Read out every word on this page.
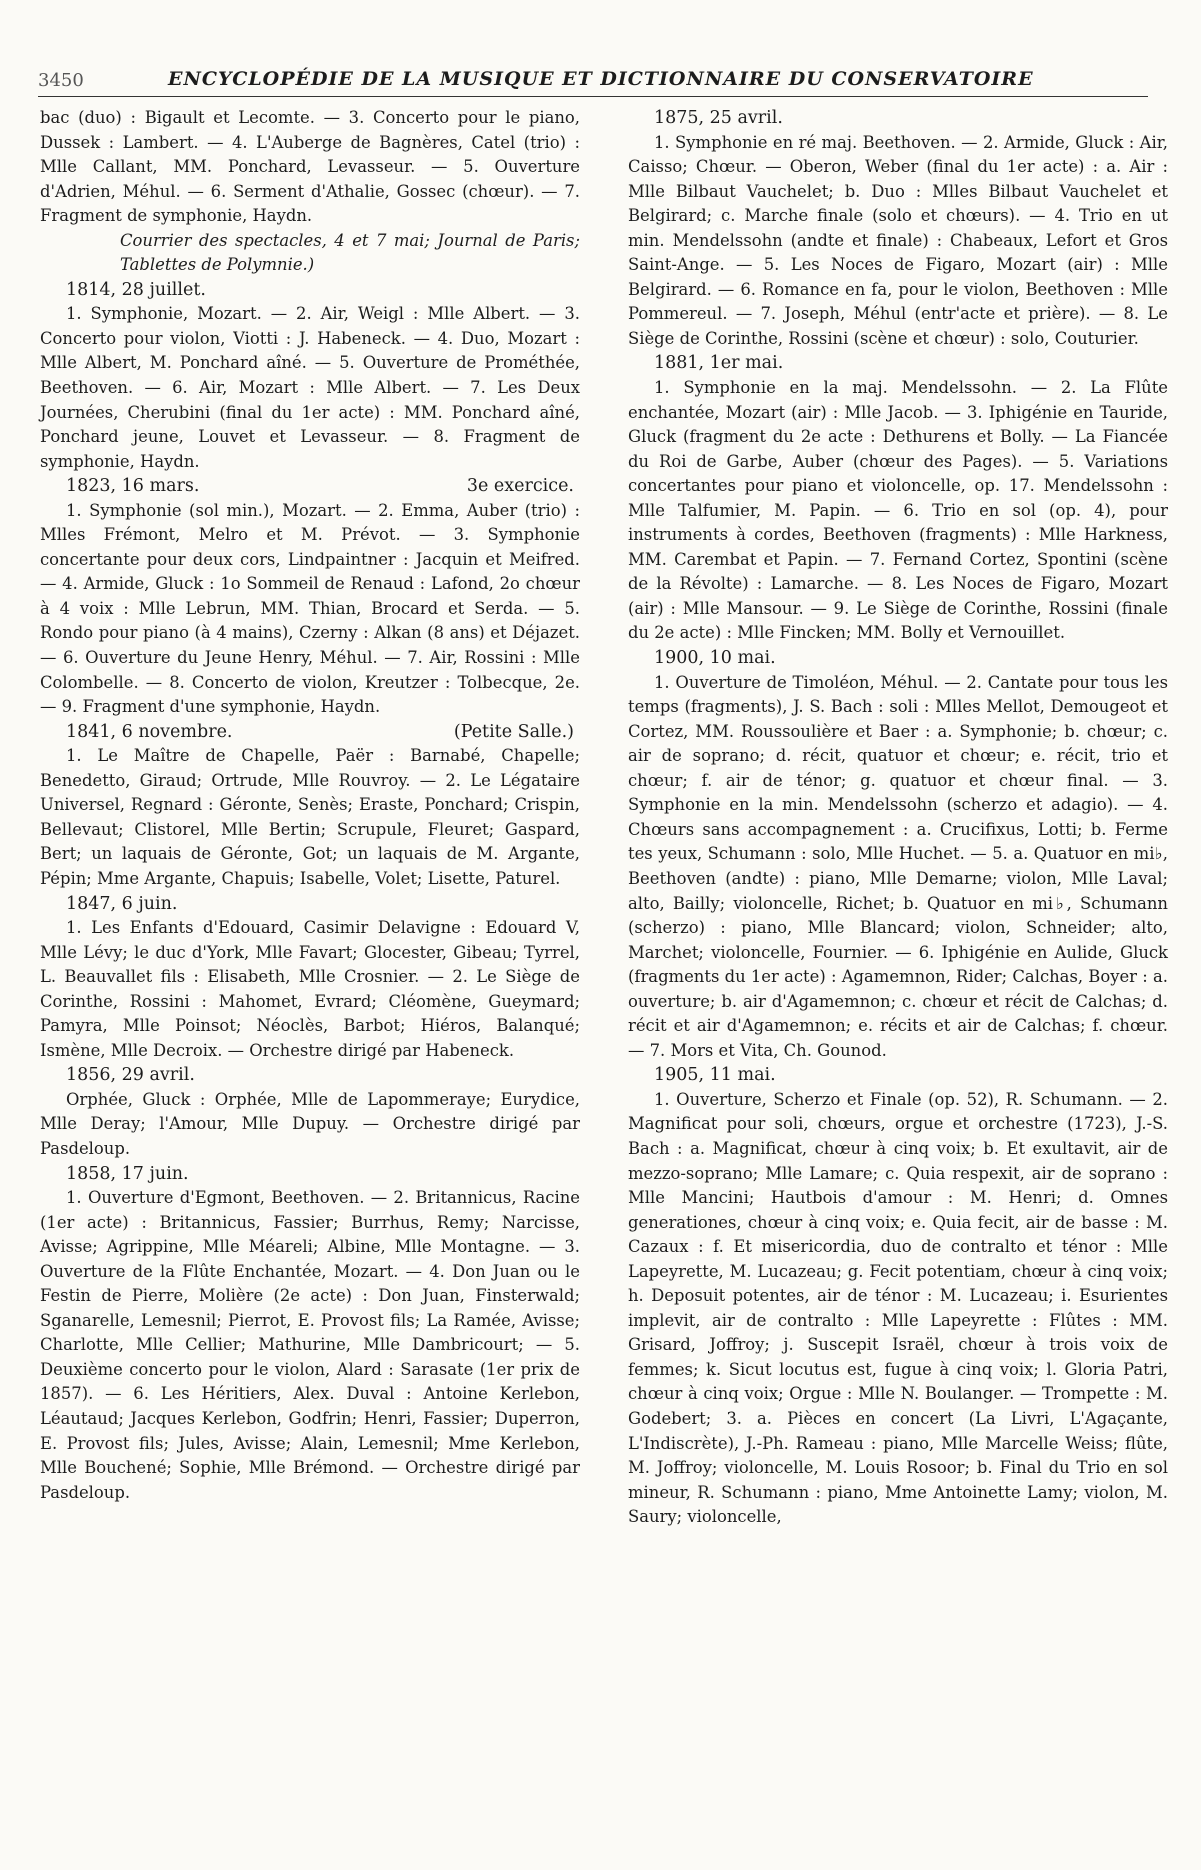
3450	ENCYCLOPÉDIE DE LA MUSIQUE ET DICTIONNAIRE DU CONSERVATOIRE

bac (duo) : Bigault et Lecomte. — 3. Concerto pour le piano, Dussek : Lambert. — 4. L'Auberge de Bagnères, Catel (trio) : Mlle Callant, MM. Ponchard, Levasseur. — 5. Ouverture d'Adrien, Méhul. — 6. Serment d'Athalie, Gossec (chœur). — 7. Fragment de symphonie, Haydn.

Courrier des spectacles, 4 et 7 mai; Journal de Paris; Tablettes de Polymnie.)

1814, 28 juillet.

1. Symphonie, Mozart. — 2. Air, Weigl : Mlle Albert. — 3. Concerto pour violon, Viotti : J. Habeneck. — 4. Duo, Mozart : Mlle Albert, M. Ponchard aîné. — 5. Ouverture de Prométhée, Beethoven. — 6. Air, Mozart : Mlle Albert. — 7. Les Deux Journées, Cherubini (final du 1er acte) : MM. Ponchard aîné, Ponchard jeune, Louvet et Levasseur. — 8. Fragment de symphonie, Haydn.

1823, 16 mars.	3e exercice.

1. Symphonie (sol min.), Mozart. — 2. Emma, Auber (trio) : Mlles Frémont, Melro et M. Prévot. — 3. Symphonie concertante pour deux cors, Lindpaintner : Jacquin et Meifred. — 4. Armide, Gluck : 1o Sommeil de Renaud : Lafond, 2o chœur à 4 voix : Mlle Lebrun, MM. Thian, Brocard et Serda. — 5. Rondo pour piano (à 4 mains), Czerny : Alkan (8 ans) et Déjazet. — 6. Ouverture du Jeune Henry, Méhul. — 7. Air, Rossini : Mlle Colombelle. — 8. Concerto de violon, Kreutzer : Tolbecque, 2e. — 9. Fragment d'une symphonie, Haydn.

1841, 6 novembre.	(Petite Salle.)

1. Le Maître de Chapelle, Paër : Barnabé, Chapelle; Benedetto, Giraud; Ortrude, Mlle Rouvroy. — 2. Le Légataire Universel, Regnard : Géronte, Senès; Eraste, Ponchard; Crispin, Bellevaut; Clistorel, Mlle Bertin; Scrupule, Fleuret; Gaspard, Bert; un laquais de Géronte, Got; un laquais de M. Argante, Pépin; Mme Argante, Chapuis; Isabelle, Volet; Lisette, Paturel.

1847, 6 juin.

1. Les Enfants d'Edouard, Casimir Delavigne : Edouard V, Mlle Lévy; le duc d'York, Mlle Favart; Glocester, Gibeau; Tyrrel, L. Beauvallet fils : Elisabeth, Mlle Crosnier. — 2. Le Siège de Corinthe, Rossini : Mahomet, Evrard; Cléomène, Gueymard; Pamyra, Mlle Poinsot; Néoclès, Barbot; Hiéros, Balanqué; Ismène, Mlle Decroix. — Orchestre dirigé par Habeneck.

1856, 29 avril.

Orphée, Gluck : Orphée, Mlle de Lapommeraye; Eurydice, Mlle Deray; l'Amour, Mlle Dupuy. — Orchestre dirigé par Pasdeloup.

1858, 17 juin.

1. Ouverture d'Egmont, Beethoven. — 2. Britannicus, Racine (1er acte) : Britannicus, Fassier; Burrhus, Remy; Narcisse, Avisse; Agrippine, Mlle Méareli; Albine, Mlle Montagne. — 3. Ouverture de la Flûte Enchantée, Mozart. — 4. Don Juan ou le Festin de Pierre, Molière (2e acte) : Don Juan, Finsterwald; Sganarelle, Lemesnil; Pierrot, E. Provost fils; La Ramée, Avisse; Charlotte, Mlle Cellier; Mathurine, Mlle Dambricourt; — 5. Deuxième concerto pour le violon, Alard : Sarasate (1er prix de 1857). — 6. Les Héritiers, Alex. Duval : Antoine Kerlebon, Léautaud; Jacques Kerlebon, Godfrin; Henri, Fassier; Duperron, E. Provost fils; Jules, Avisse; Alain, Lemesnil; Mme Kerlebon, Mlle Bouchené; Sophie, Mlle Brémond. — Orchestre dirigé par Pasdeloup.

1875, 25 avril.

1. Symphonie en ré maj. Beethoven. — 2. Armide, Gluck : Air, Caisso; Chœur. — Oberon, Weber (final du 1er acte) : a. Air : Mlle Bilbaut Vauchelet; b. Duo : Mlles Bilbaut Vauchelet et Belgirard; c. Marche finale (solo et chœurs). — 4. Trio en ut min. Mendelssohn (andte et finale) : Chabeaux, Lefort et Gros Saint-Ange. — 5. Les Noces de Figaro, Mozart (air) : Mlle Belgirard. — 6. Romance en fa, pour le violon, Beethoven : Mlle Pommereul. — 7. Joseph, Méhul (entr'acte et prière). — 8. Le Siège de Corinthe, Rossini (scène et chœur) : solo, Couturier.

1881, 1er mai.

1. Symphonie en la maj. Mendelssohn. — 2. La Flûte enchantée, Mozart (air) : Mlle Jacob. — 3. Iphigénie en Tauride, Gluck (fragment du 2e acte : Dethurens et Bolly. — La Fiancée du Roi de Garbe, Auber (chœur des Pages). — 5. Variations concertantes pour piano et violoncelle, op. 17. Mendelssohn : Mlle Talfumier, M. Papin. — 6. Trio en sol (op. 4), pour instruments à cordes, Beethoven (fragments) : Mlle Harkness, MM. Carembat et Papin. — 7. Fernand Cortez, Spontini (scène de la Révolte) : Lamarche. — 8. Les Noces de Figaro, Mozart (air) : Mlle Mansour. — 9. Le Siège de Corinthe, Rossini (finale du 2e acte) : Mlle Fincken; MM. Bolly et Vernouillet.

1900, 10 mai.

1. Ouverture de Timoléon, Méhul. — 2. Cantate pour tous les temps (fragments), J. S. Bach : soli : Mlles Mellot, Demougeot et Cortez, MM. Roussoulière et Baer : a. Symphonie; b. chœur; c. air de soprano; d. récit, quatuor et chœur; e. récit, trio et chœur; f. air de ténor; g. quatuor et chœur final. — 3. Symphonie en la min. Mendelssohn (scherzo et adagio). — 4. Chœurs sans accompagnement : a. Crucifixus, Lotti; b. Ferme tes yeux, Schumann : solo, Mlle Huchet. — 5. a. Quatuor en mi♭, Beethoven (andte) : piano, Mlle Demarne; violon, Mlle Laval; alto, Bailly; violoncelle, Richet; b. Quatuor en mi♭, Schumann (scherzo) : piano, Mlle Blancard; violon, Schneider; alto, Marchet; violoncelle, Fournier. — 6. Iphigénie en Aulide, Gluck (fragments du 1er acte) : Agamemnon, Rider; Calchas, Boyer : a. ouverture; b. air d'Agamemnon; c. chœur et récit de Calchas; d. récit et air d'Agamemnon; e. récits et air de Calchas; f. chœur. — 7. Mors et Vita, Ch. Gounod.

1905, 11 mai.

1. Ouverture, Scherzo et Finale (op. 52), R. Schumann. — 2. Magnificat pour soli, chœurs, orgue et orchestre (1723), J.-S. Bach : a. Magnificat, chœur à cinq voix; b. Et exultavit, air de mezzo-soprano; Mlle Lamare; c. Quia respexit, air de soprano : Mlle Mancini; Hautbois d'amour : M. Henri; d. Omnes generationes, chœur à cinq voix; e. Quia fecit, air de basse : M. Cazaux : f. Et misericordia, duo de contralto et ténor : Mlle Lapeyrette, M. Lucazeau; g. Fecit potentiam, chœur à cinq voix; h. Deposuit potentes, air de ténor : M. Lucazeau; i. Esurientes implevit, air de contralto : Mlle Lapeyrette : Flûtes : MM. Grisard, Joffroy; j. Suscepit Israël, chœur à trois voix de femmes; k. Sicut locutus est, fugue à cinq voix; l. Gloria Patri, chœur à cinq voix; Orgue : Mlle N. Boulanger. — Trompette : M. Godebert; 3. a. Pièces en concert (La Livri, L'Agaçante, L'Indiscrète), J.-Ph. Rameau : piano, Mlle Marcelle Weiss; flûte, M. Joffroy; violoncelle, M. Louis Rosoor; b. Final du Trio en sol mineur, R. Schumann : piano, Mme Antoinette Lamy; violon, M. Saury; violoncelle,
